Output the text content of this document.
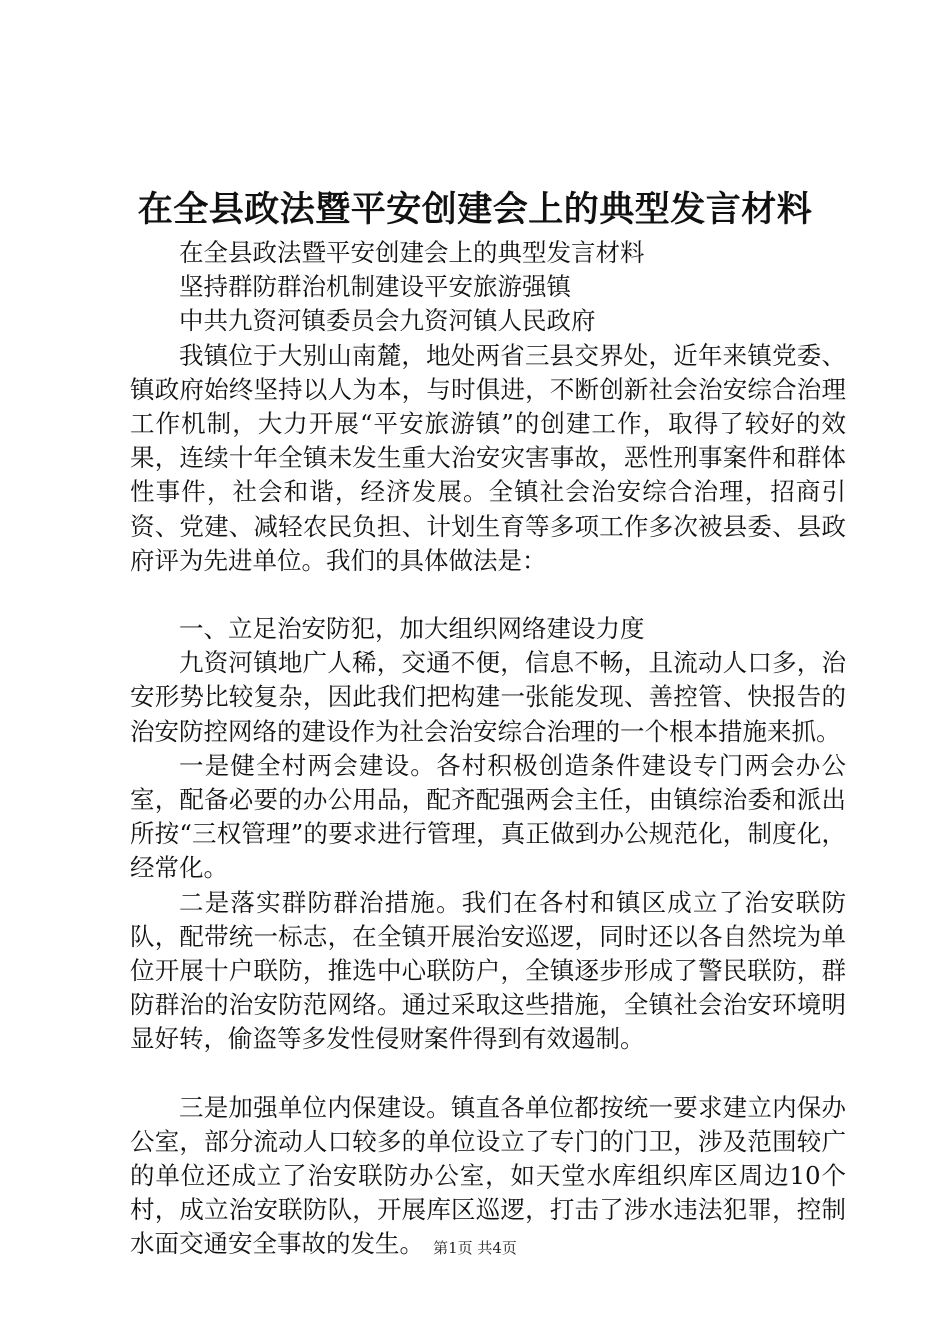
在全县政法暨平安创建会上的典型发言材料

在全县政法暨平安创建会上的典型发言材料

坚持群防群治机制建设平安旅游强镇

中共九资河镇委员会九资河镇人民政府

我镇位于大别山南麓，地处两省三县交界处，近年来镇党委、镇政府始终坚持以人为本，与时俱进，不断创新社会治安综合治理工作机制，大力开展“平安旅游镇”的创建工作，取得了较好的效果，连续十年全镇未发生重大治安灾害事故，恶性刑事案件和群体性事件，社会和谐，经济发展。全镇社会治安综合治理，招商引资、党建、减轻农民负担、计划生育等多项工作多次被县委、县政府评为先进单位。我们的具体做法是：

一、立足治安防犯，加大组织网络建设力度

九资河镇地广人稀，交通不便，信息不畅，且流动人口多，治安形势比较复杂，因此我们把构建一张能发现、善控管、快报告的治安防控网络的建设作为社会治安综合治理的一个根本措施来抓。

一是健全村两会建设。各村积极创造条件建设专门两会办公室，配备必要的办公用品，配齐配强两会主任，由镇综治委和派出所按“三权管理”的要求进行管理，真正做到办公规范化，制度化，经常化。

二是落实群防群治措施。我们在各村和镇区成立了治安联防队，配带统一标志，在全镇开展治安巡逻，同时还以各自然垸为单位开展十户联防，推选中心联防户，全镇逐步形成了警民联防，群防群治的治安防范网络。通过采取这些措施，全镇社会治安环境明显好转，偷盗等多发性侵财案件得到有效遏制。

三是加强单位内保建设。镇直各单位都按统一要求建立内保办公室，部分流动人口较多的单位设立了专门的门卫，涉及范围较广的单位还成立了治安联防办公室，如天堂水库组织库区周边10个村，成立治安联防队，开展库区巡逻，打击了涉水违法犯罪，控制水面交通安全事故的发生。 第1页 共4页
